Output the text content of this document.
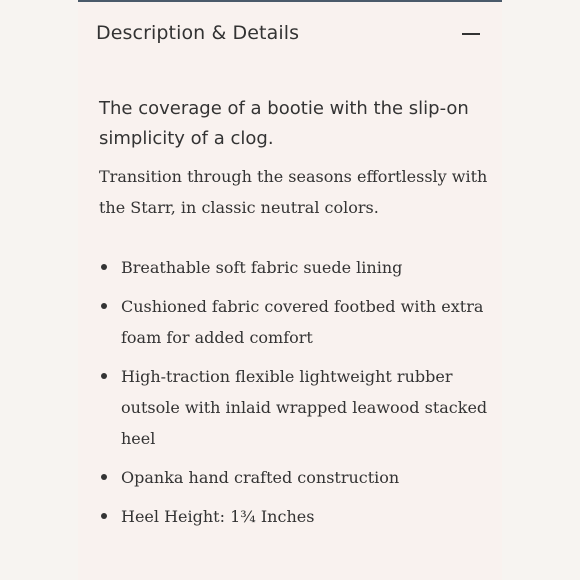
Description & Details
The coverage of a bootie with the slip-on simplicity of a clog.
Transition through the seasons effortlessly with the Starr, in classic neutral colors.
Breathable soft fabric suede lining
Cushioned fabric covered footbed with extra foam for added comfort
High-traction flexible lightweight rubber outsole with inlaid wrapped leawood stacked heel
Opanka hand crafted construction
Heel Height: 1¾ Inches
